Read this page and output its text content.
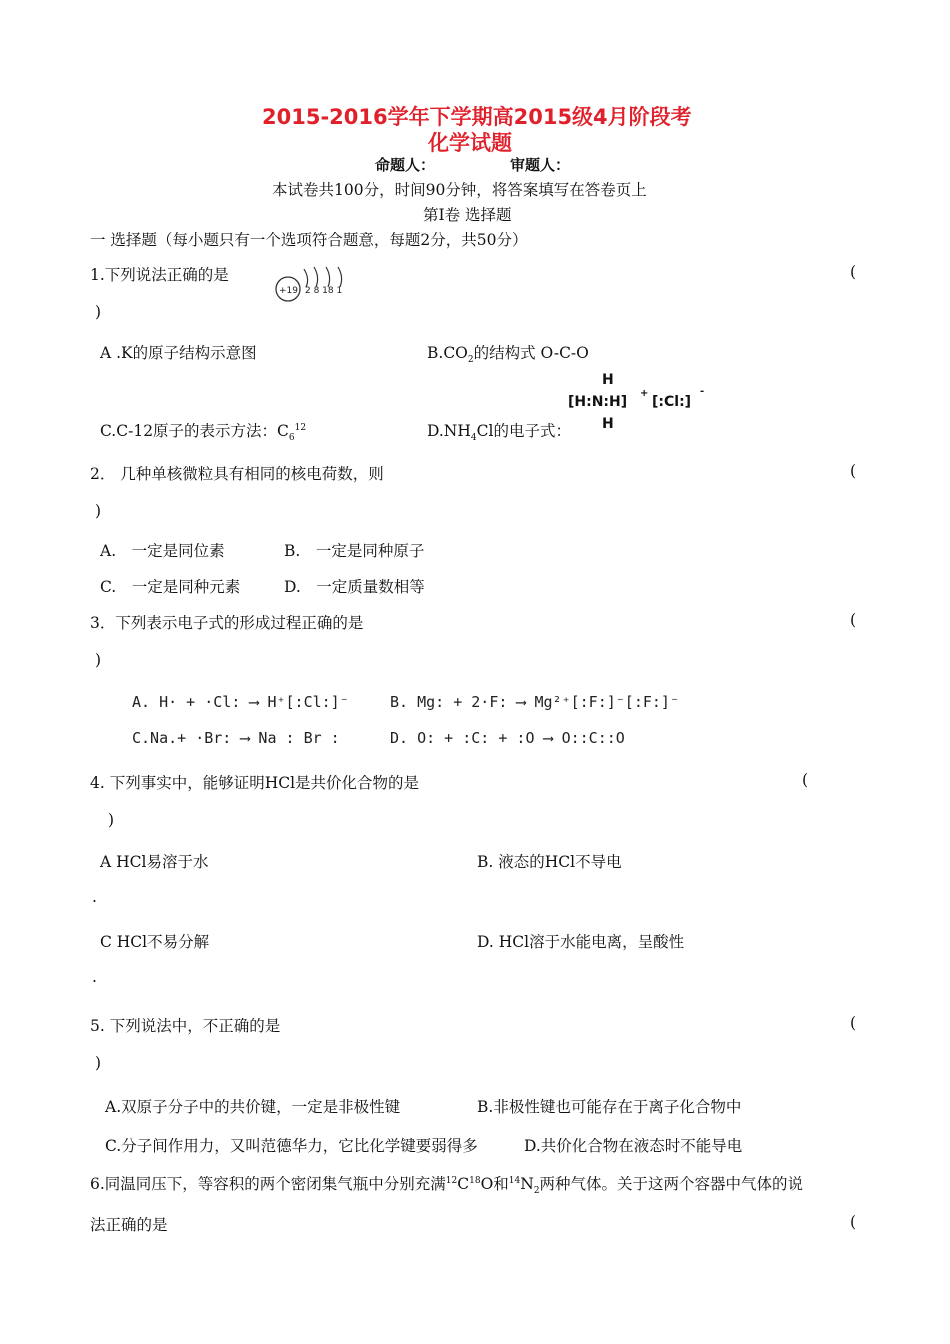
2015-2016学年下学期高2015级4月阶段考
化学试题
命题人：	审题人：
本试卷共100分，时间90分钟，将答案填写在答卷页上
第Ⅰ卷 选择题
一 选择题（每小题只有一个选项符合题意，每题2分，共50分）
1.下列说法正确的是
+19 2 8 18 1
(
)
A .K的原子结构示意图	$B.CO_2$的结构式 O-C-O
C.C-12原子的表示方法：$C_6^{12}$	$D.NH_4Cl$的电子式：
H
[H:N:H]
+
[:Cl:]
-
H
2． 几种单核微粒具有相同的核电荷数，则	(
)
A.　一定是同位素	B.　一定是同种原子
C.　一定是同种元素	D.　一定质量数相等
3．下列表示电子式的形成过程正确的是	(
)
A. H· + ·Cl: ⟶ H⁺[:Cl:]⁻	B. Mg: + 2·F: ⟶ Mg²⁺[:F:]⁻[:F:]⁻
C.Na.+ ·Br: ⟶ Na : Br :	D. O: + :C: + :O ⟶ O::C::O
4. 下列事实中，能够证明HCl是共价化合物的是	(
)
A HCl易溶于水	B. 液态的HCl不导电
.
C HCl不易分解	D. HCl溶于水能电离，呈酸性
.
5. 下列说法中，不正确的是	(
)
A.双原子分子中的共价键，一定是非极性键	B.非极性键也可能存在于离子化合物中
C.分子间作用力，又叫范德华力，它比化学键要弱得多	D.共价化合物在液态时不能导电
6.同温同压下，等容积的两个密闭集气瓶中分别充满$^{12}C^{18}O$和$^{14}N_2$两种气体。关于这两个容器中气体的说
法正确的是	(
